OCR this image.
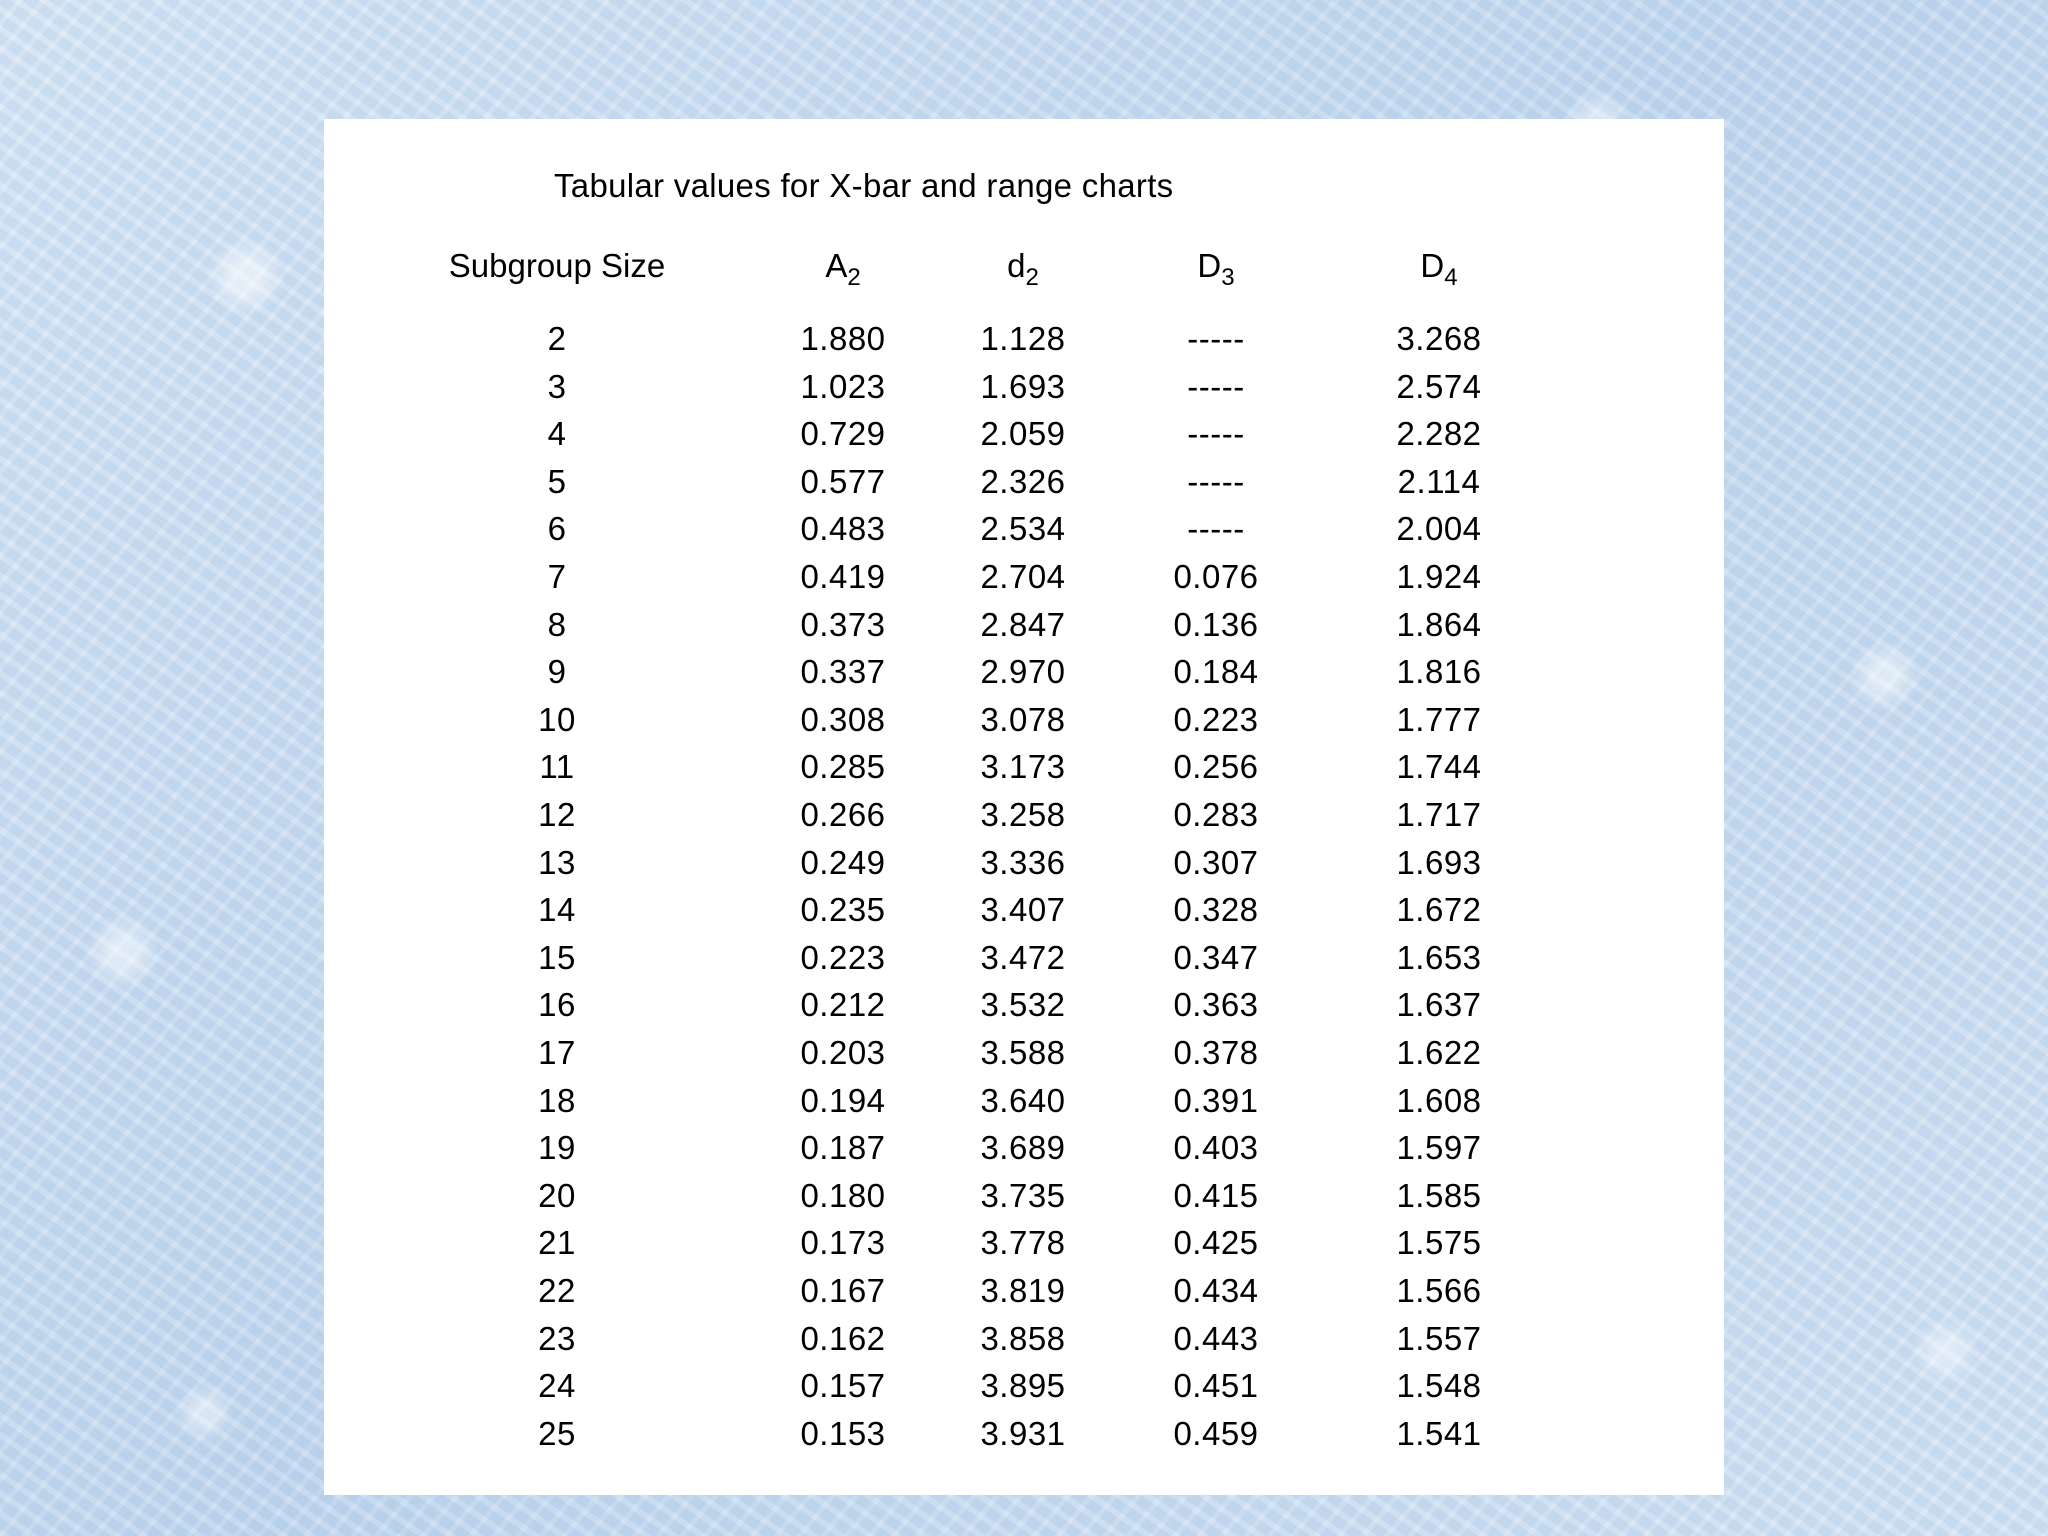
Tabular values for X-bar and range charts
Subgroup Size	$A_2$	$d_2$	$D_3$	$D_4$
2	1.880	1.128	-----	3.268
3	1.023	1.693	-----	2.574
4	0.729	2.059	-----	2.282
5	0.577	2.326	-----	2.114
6	0.483	2.534	-----	2.004
7	0.419	2.704	0.076	1.924
8	0.373	2.847	0.136	1.864
9	0.337	2.970	0.184	1.816
10	0.308	3.078	0.223	1.777
11	0.285	3.173	0.256	1.744
12	0.266	3.258	0.283	1.717
13	0.249	3.336	0.307	1.693
14	0.235	3.407	0.328	1.672
15	0.223	3.472	0.347	1.653
16	0.212	3.532	0.363	1.637
17	0.203	3.588	0.378	1.622
18	0.194	3.640	0.391	1.608
19	0.187	3.689	0.403	1.597
20	0.180	3.735	0.415	1.585
21	0.173	3.778	0.425	1.575
22	0.167	3.819	0.434	1.566
23	0.162	3.858	0.443	1.557
24	0.157	3.895	0.451	1.548
25	0.153	3.931	0.459	1.541
